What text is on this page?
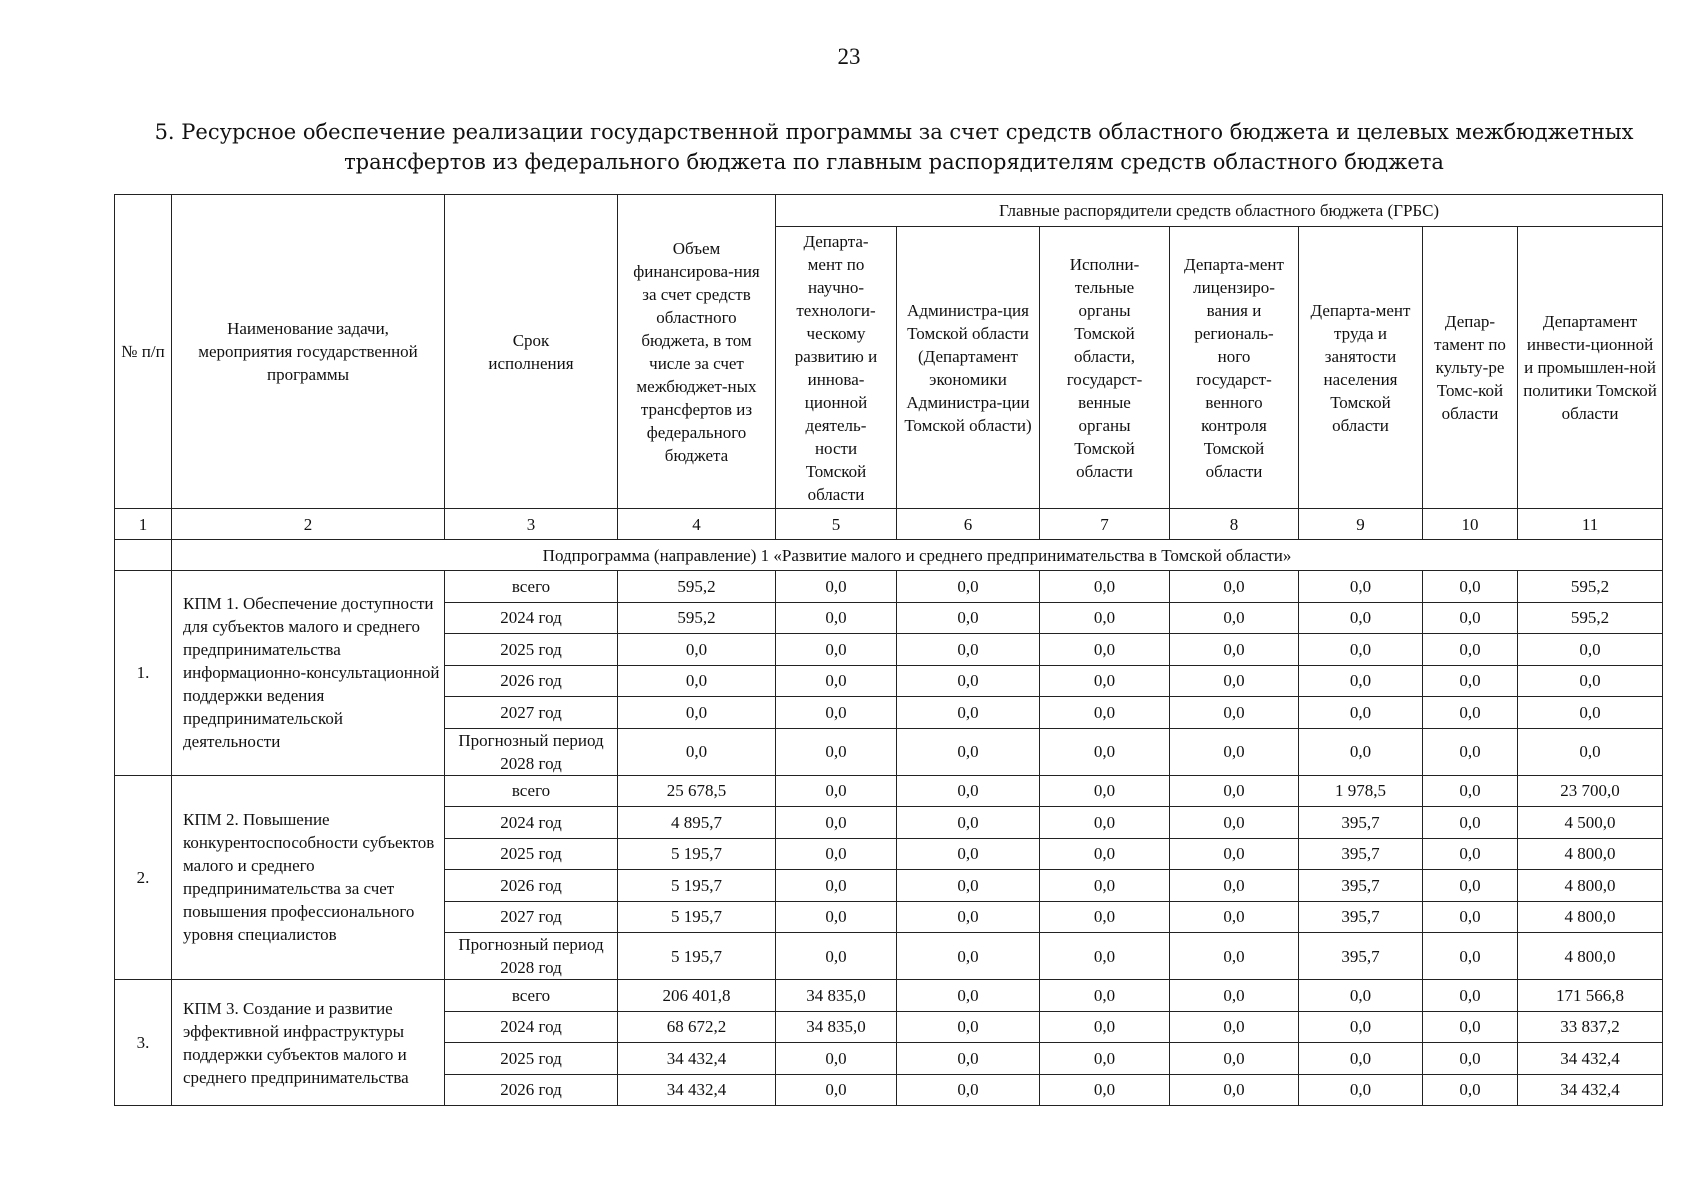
23
5. Ресурсное обеспечение реализации государственной программы за счет средств областного бюджета и целевых межбюджетных
трансфертов из федерального бюджета по главным распорядителям средств областного бюджета
№ п/п	Наименование задачи, мероприятия государственной программы	Срок исполнения	Объем финансирова-ния за счет средств областного бюджета, в том числе за счет межбюджет-ных трансфертов из федерального бюджета	Главные распорядители средств областного бюджета (ГРБС)						
				Департа-мент по научно-технологи-ческому развитию и иннова-ционной деятель-ности Томской области	Администра-ция Томской области (Департамент экономики Администра-ции Томской области)	Исполни-тельные органы Томской области, государст-венные органы Томской области	Департа-мент лицензиро-вания и региональ-ного государст-венного контроля Томской области	Департа-мент труда и занятости населения Томской области	Депар-тамент по культу-ре Томс-кой области	Департамент инвести-ционной и промышлен-ной политики Томской области
1	2	3	4	5	6	7	8	9	10	11
	Подпрограмма (направление) 1 «Развитие малого и среднего предпринимательства в Томской области»									
1.	КПМ 1. Обеспечение доступности для субъектов малого и среднего предпринимательства информационно-консультационной поддержки ведения предпринимательской деятельности	всего	595,2	0,0	0,0	0,0	0,0	0,0	0,0	595,2
		2024 год	595,2	0,0	0,0	0,0	0,0	0,0	0,0	595,2
		2025 год	0,0	0,0	0,0	0,0	0,0	0,0	0,0	0,0
		2026 год	0,0	0,0	0,0	0,0	0,0	0,0	0,0	0,0
		2027 год	0,0	0,0	0,0	0,0	0,0	0,0	0,0	0,0
		Прогнозный период 2028 год	0,0	0,0	0,0	0,0	0,0	0,0	0,0	0,0
2.	КПМ 2. Повышение конкурентоспособности субъектов малого и среднего предпринимательства за счет повышения профессионального уровня специалистов	всего	25 678,5	0,0	0,0	0,0	0,0	1 978,5	0,0	23 700,0
		2024 год	4 895,7	0,0	0,0	0,0	0,0	395,7	0,0	4 500,0
		2025 год	5 195,7	0,0	0,0	0,0	0,0	395,7	0,0	4 800,0
		2026 год	5 195,7	0,0	0,0	0,0	0,0	395,7	0,0	4 800,0
		2027 год	5 195,7	0,0	0,0	0,0	0,0	395,7	0,0	4 800,0
		Прогнозный период 2028 год	5 195,7	0,0	0,0	0,0	0,0	395,7	0,0	4 800,0
3.	КПМ 3. Создание и развитие эффективной инфраструктуры поддержки субъектов малого и среднего предпринимательства	всего	206 401,8	34 835,0	0,0	0,0	0,0	0,0	0,0	171 566,8
		2024 год	68 672,2	34 835,0	0,0	0,0	0,0	0,0	0,0	33 837,2
		2025 год	34 432,4	0,0	0,0	0,0	0,0	0,0	0,0	34 432,4
		2026 год	34 432,4	0,0	0,0	0,0	0,0	0,0	0,0	34 432,4
